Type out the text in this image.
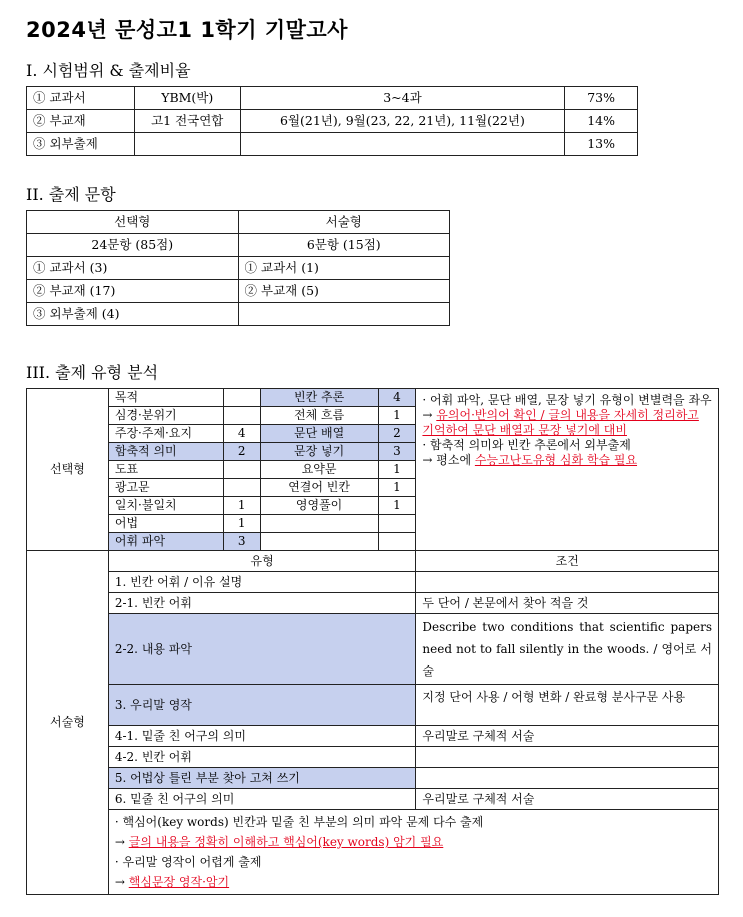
2024년 문성고1 1학기 기말고사
I. 시험범위 & 출제비율
① 교과서	YBM(박)	3~4과	73%
② 부교재	고1 전국연합	6월(21년), 9월(23, 22, 21년), 11월(22년)	14%
③ 외부출제			13%
II. 출제 문항
선택형	서술형
24문항 (85점)	6문항 (15점)
① 교과서 (3)	① 교과서 (1)
② 부교재 (17)	② 부교재 (5)
③ 외부출제 (4)	
III. 출제 유형 분석
선택형	목적		빈칸 추론	4	· 어휘 파악, 문단 배열, 문장 넣기 유형이 변별력을 좌우
→ 유의어·반의어 확인 / 글의 내용을 자세히 정리하고 기억하여 문단 배열과 문장 넣기에 대비
· 함축적 의미와 빈칸 추론에서 외부출제
→ 평소에 수능고난도유형 심화 학습 필요

	심경·분위기		전체 흐름	1	
	주장·주제·요지	4	문단 배열	2	
	함축적 의미	2	문장 넣기	3	
	도표		요약문	1	
	광고문		연결어 빈칸	1	
	일치·불일치	1	영영풀이	1	
	어법	1			
	어휘 파악	3			
서술형	유형				조건
	1. 빈칸 어휘 / 이유 설명				
	2-1. 빈칸 어휘				두 단어 / 본문에서 찾아 적을 것
	2-2. 내용 파악				Describe two conditions that scientific papers need not to fall silently in the woods. / 영어로 서술
	3. 우리말 영작				지정 단어 사용 / 어형 변화 / 완료형 분사구문 사용
	4-1. 밑줄 친 어구의 의미				우리말로 구체적 서술
	4-2. 빈칸 어휘				
	5. 어법상 틀린 부분 찾아 고쳐 쓰기				
	6. 밑줄 친 어구의 의미				우리말로 구체적 서술

	· 핵심어(key words) 빈칸과 밑줄 친 부분의 의미 파악 문제 다수 출제
→ 글의 내용을 정확히 이해하고 핵심어(key words) 암기 필요
· 우리말 영작이 어렵게 출제
→ 핵심문장 영작·암기				
